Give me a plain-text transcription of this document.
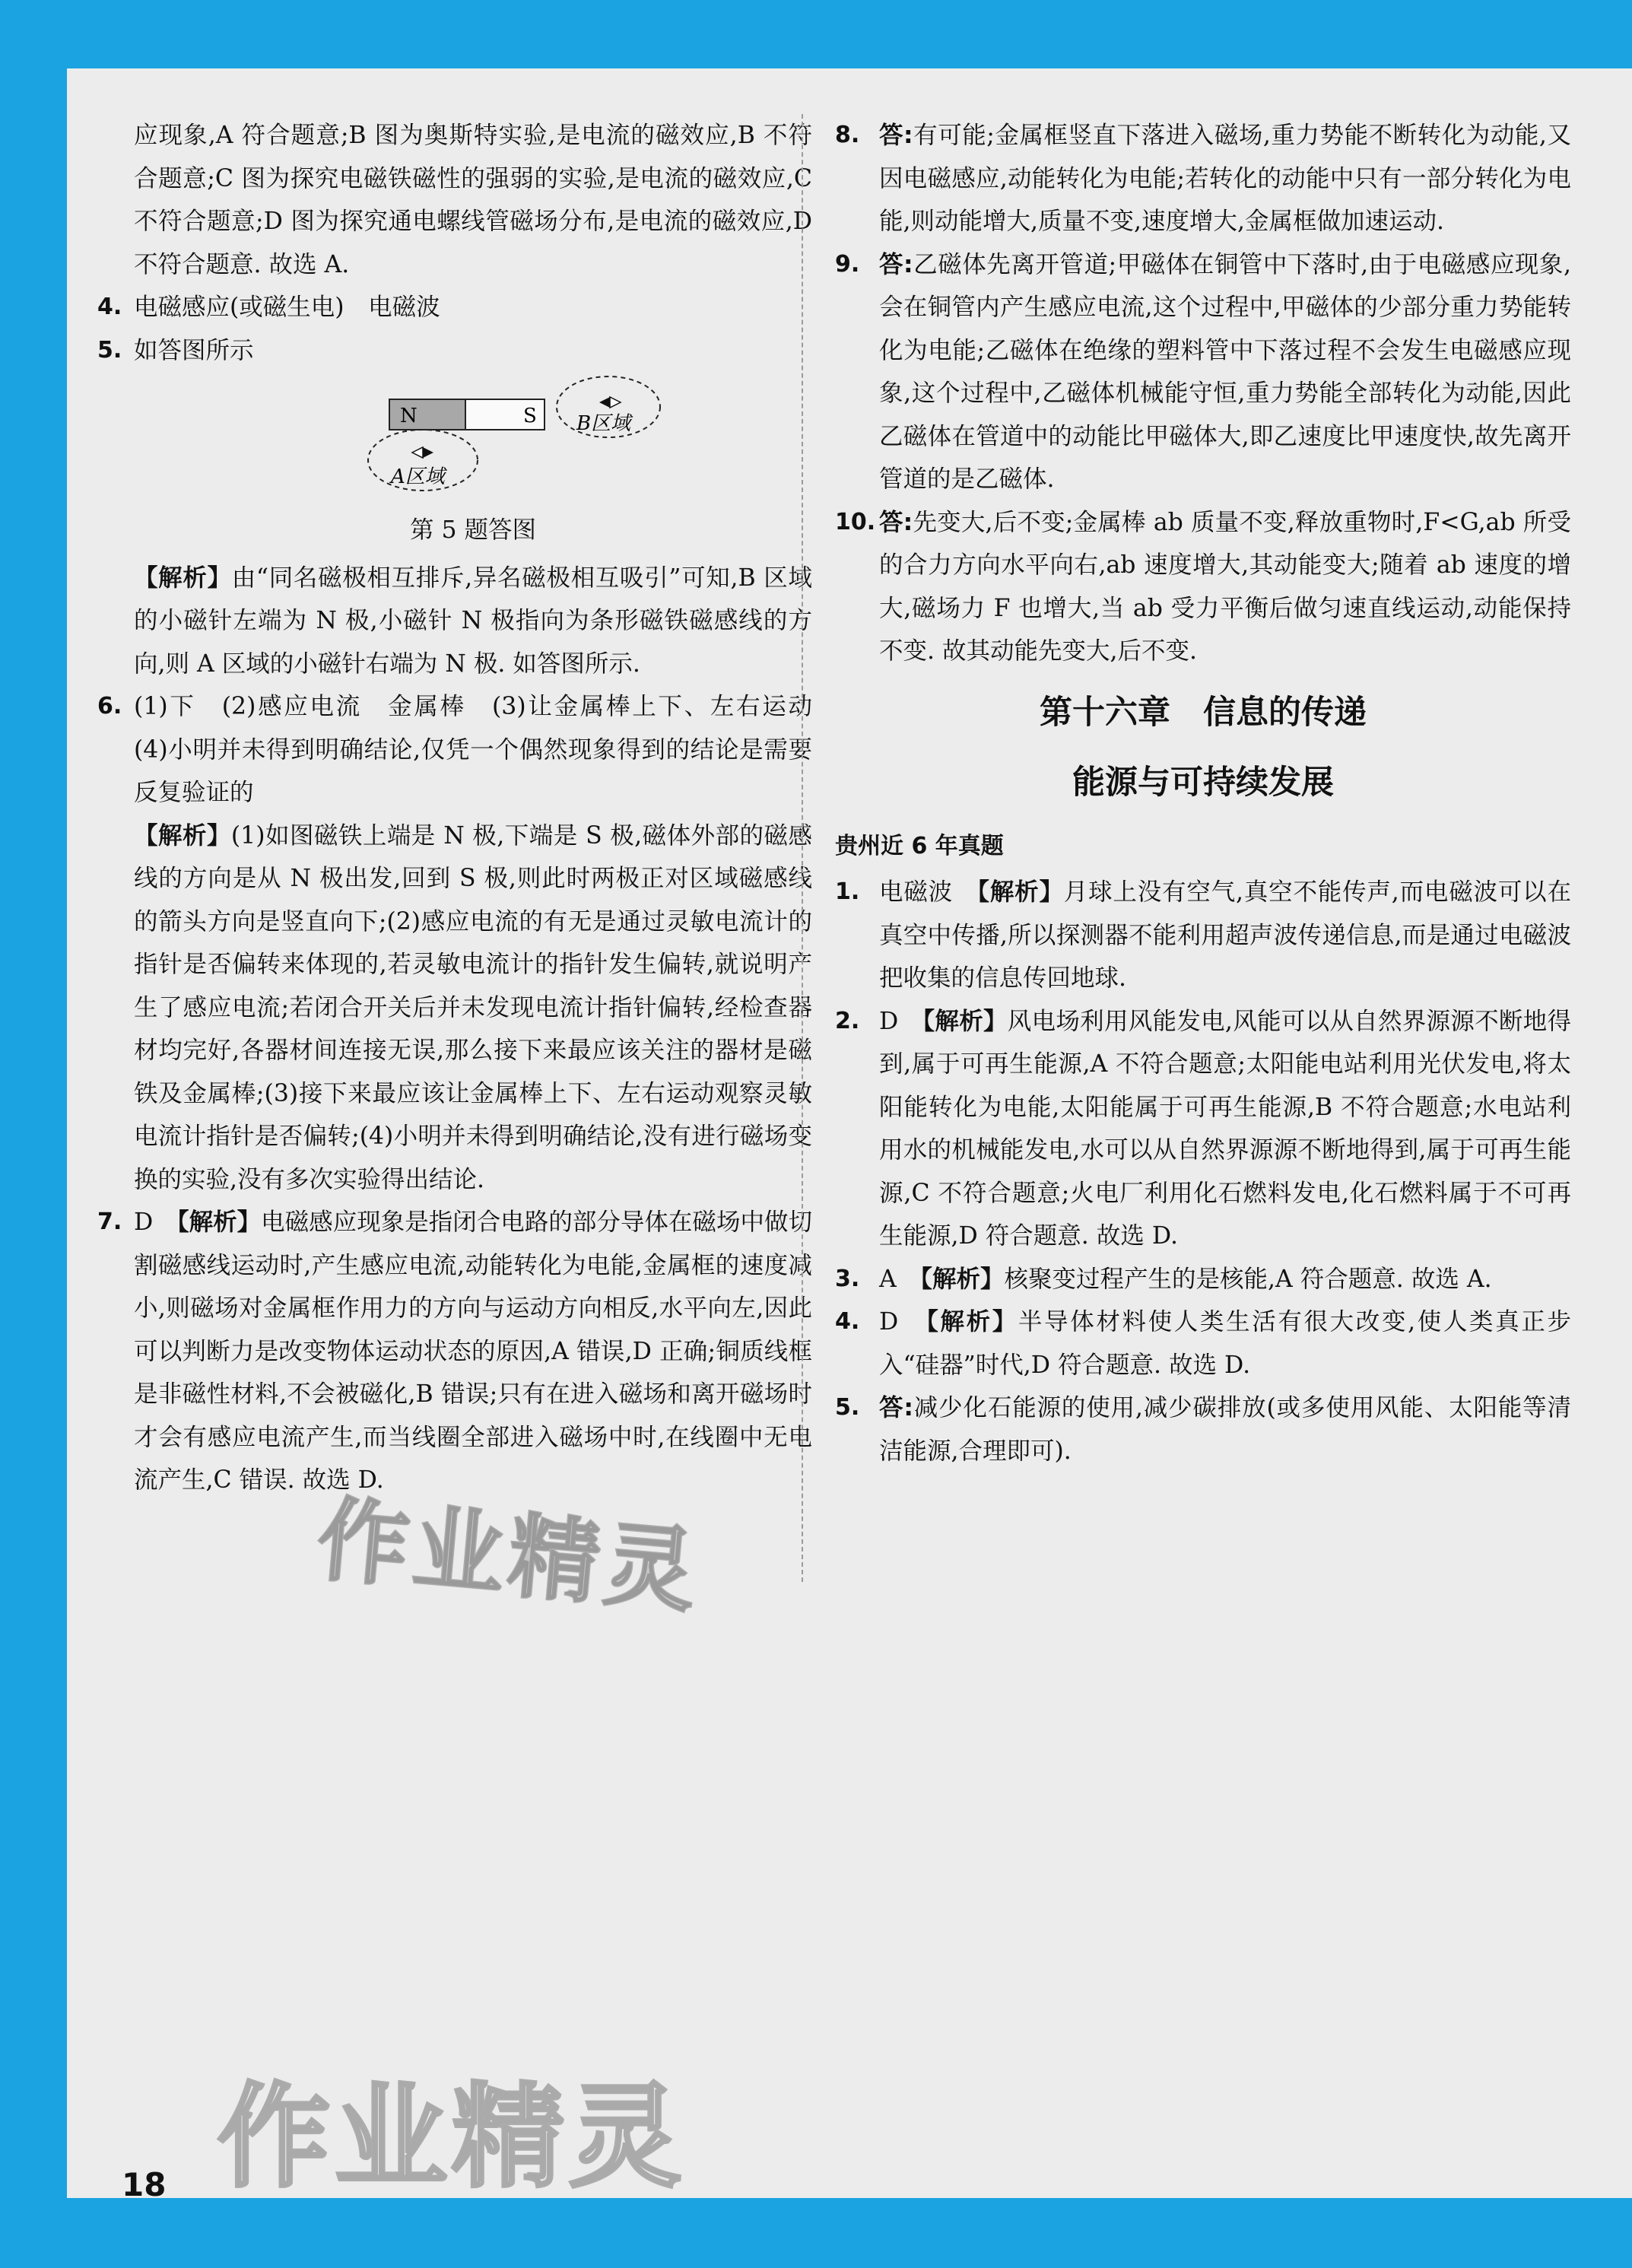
应现象,A 符合题意;B 图为奥斯特实验,是电流的磁效应,B 不符合题意;C 图为探究电磁铁磁性的强弱的实验,是电流的磁效应,C 不符合题意;D 图为探究通电螺线管磁场分布,是电流的磁效应,D 不符合题意. 故选 A.

4. 电磁感应(或磁生电)　电磁波
5. 如答图所示
N	S B区域
A区域

第 5 题答图

【解析】由“同名磁极相互排斥,异名磁极相互吸引”可知,B 区域的小磁针左端为 N 极,小磁针 N 极指向为条形磁铁磁感线的方向,则 A 区域的小磁针右端为 N 极. 如答图所示.

6. (1)下　(2)感应电流　金属棒　(3)让金属棒上下、左右运动　(4)小明并未得到明确结论,仅凭一个偶然现象得到的结论是需要反复验证的

【解析】(1)如图磁铁上端是 N 极,下端是 S 极,磁体外部的磁感线的方向是从 N 极出发,回到 S 极,则此时两极正对区域磁感线的箭头方向是竖直向下;(2)感应电流的有无是通过灵敏电流计的指针是否偏转来体现的,若灵敏电流计的指针发生偏转,就说明产生了感应电流;若闭合开关后并未发现电流计指针偏转,经检查器材均完好,各器材间连接无误,那么接下来最应该关注的器材是磁铁及金属棒;(3)接下来最应该让金属棒上下、左右运动观察灵敏电流计指针是否偏转;(4)小明并未得到明确结论,没有进行磁场变换的实验,没有多次实验得出结论.

7. D　 【解析】电磁感应现象是指闭合电路的部分导体在磁场中做切割磁感线运动时,产生感应电流,动能转化为电能,金属框的速度减小,则磁场对金属框作用力的方向与运动方向相反,水平向左,因此可以判断力是改变物体运动状态的原因,A 错误,D 正确;铜质线框是非磁性材料,不会被磁化,B 错误;只有在进入磁场和离开磁场时才会有感应电流产生,而当线圈全部进入磁场中时,在线圈中无电流产生,C 错误. 故选 D.
8. 答:有可能;金属框竖直下落进入磁场,重力势能不断转化为动能,又因电磁感应,动能转化为电能;若转化的动能中只有一部分转化为电能,则动能增大,质量不变,速度增大,金属框做加速运动.
9. 答:乙磁体先离开管道;甲磁体在铜管中下落时,由于电磁感应现象,会在铜管内产生感应电流,这个过程中,甲磁体的少部分重力势能转化为电能;乙磁体在绝缘的塑料管中下落过程不会发生电磁感应现象,这个过程中,乙磁体机械能守恒,重力势能全部转化为动能,因此乙磁体在管道中的动能比甲磁体大,即乙速度比甲速度快,故先离开管道的是乙磁体.
10. 答:先变大,后不变;金属棒 ab 质量不变,释放重物时,F<G,ab 所受的合力方向水平向右,ab 速度增大,其动能变大;随着 ab 速度的增大,磁场力 F 也增大,当 ab 受力平衡后做匀速直线运动,动能保持不变. 故其动能先变大,后不变.

第十六章　信息的传递

能源与可持续发展

贵州近 6 年真题

1. 电磁波　 【解析】月球上没有空气,真空不能传声,而电磁波可以在真空中传播,所以探测器不能利用超声波传递信息,而是通过电磁波把收集的信息传回地球.
2. D　 【解析】风电场利用风能发电,风能可以从自然界源源不断地得到,属于可再生能源,A 不符合题意;太阳能电站利用光伏发电,将太阳能转化为电能,太阳能属于可再生能源,B 不符合题意;水电站利用水的机械能发电,水可以从自然界源源不断地得到,属于可再生能源,C 不符合题意;火电厂利用化石燃料发电,化石燃料属于不可再生能源,D 符合题意. 故选 D.
3. A　 【解析】核聚变过程产生的是核能,A 符合题意. 故选 A.
4. D　 【解析】半导体材料使人类生活有很大改变,使人类真正步入“硅器”时代,D 符合题意. 故选 D.
5. 答:减少化石能源的使用,减少碳排放(或多使用风能、太阳能等清洁能源,合理即可).
作业精灵
作业精灵
18
